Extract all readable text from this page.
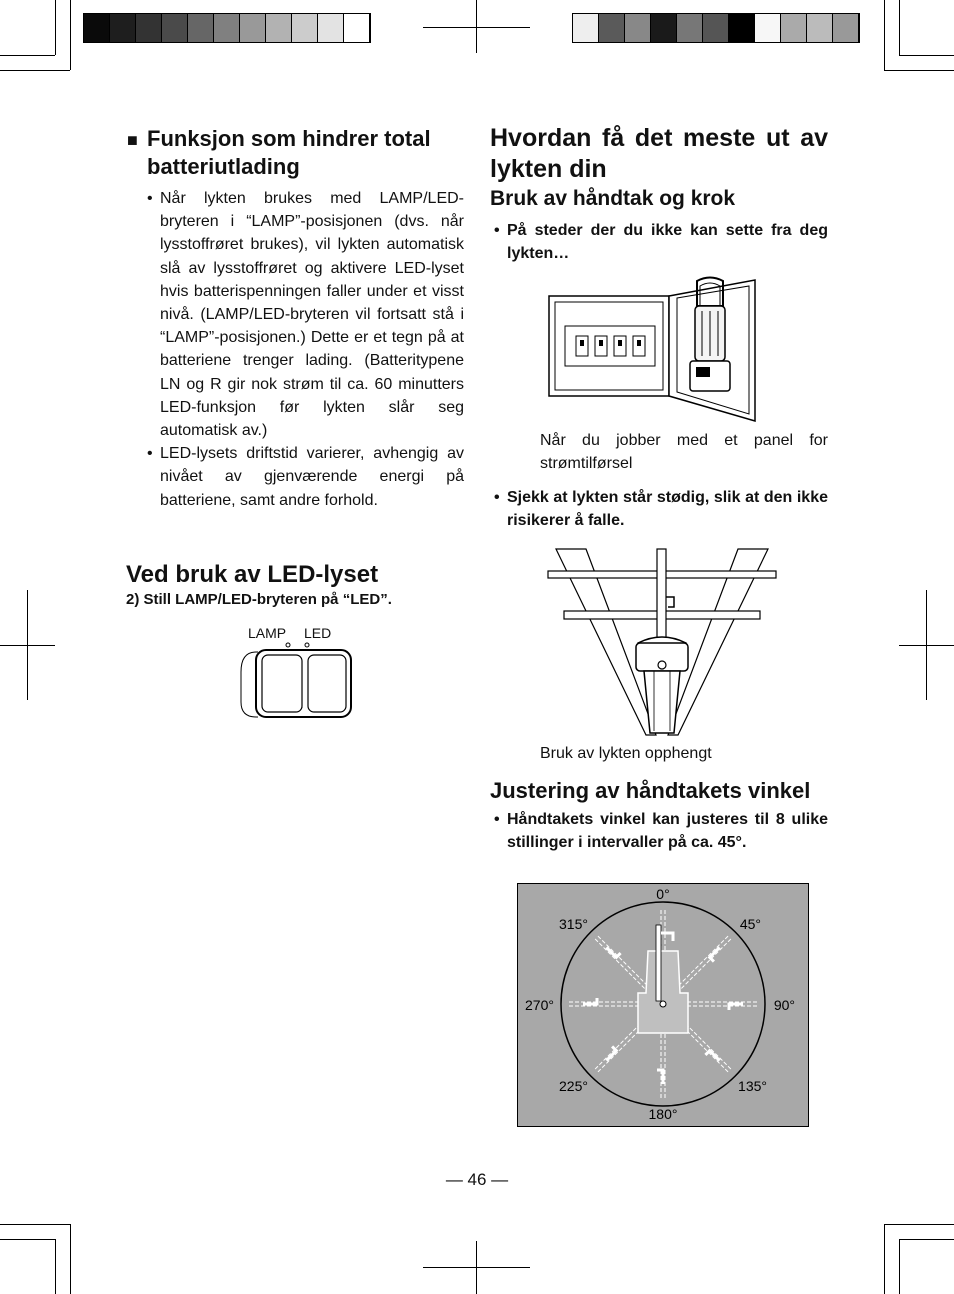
■ Funksjon som hindrer total batteriutlading
• Når lykten brukes med LAMP/LED-bryteren i “LAMP”-posisjonen (dvs. når lysstoffrøret brukes), vil lykten automatisk slå av lysstoffrøret og aktivere LED-lyset hvis batterispenningen faller under et visst nivå. (LAMP/LED-bryteren vil fortsatt stå i “LAMP”-posisjonen.) Dette er et tegn på at batteriene trenger lading. (Batteritypene LN og R gir nok strøm til ca. 60 minutters LED-funksjon før lykten slår seg automatisk av.)
• LED-lysets driftstid varierer, avhengig av nivået av gjenværende energi på batteriene, samt andre forhold.
Ved bruk av LED-lyset
2) Still LAMP/LED-bryteren på “LED”.
LAMP LED
Hvordan få det meste ut av lykten din
Bruk av håndtak og krok
• På steder der du ikke kan sette fra deg lykten…
Når du jobber med et panel for strømtilførsel
• Sjekk at lykten står stødig, slik at den ikke risikerer å falle.
Bruk av lykten opphengt
Justering av håndtakets vinkel
• Håndtakets vinkel kan justeres til 8 ulike stillinger i intervaller på ca. 45°.
0°
45°
90°
135°
180°
225°
270°
315°
— 46 —
